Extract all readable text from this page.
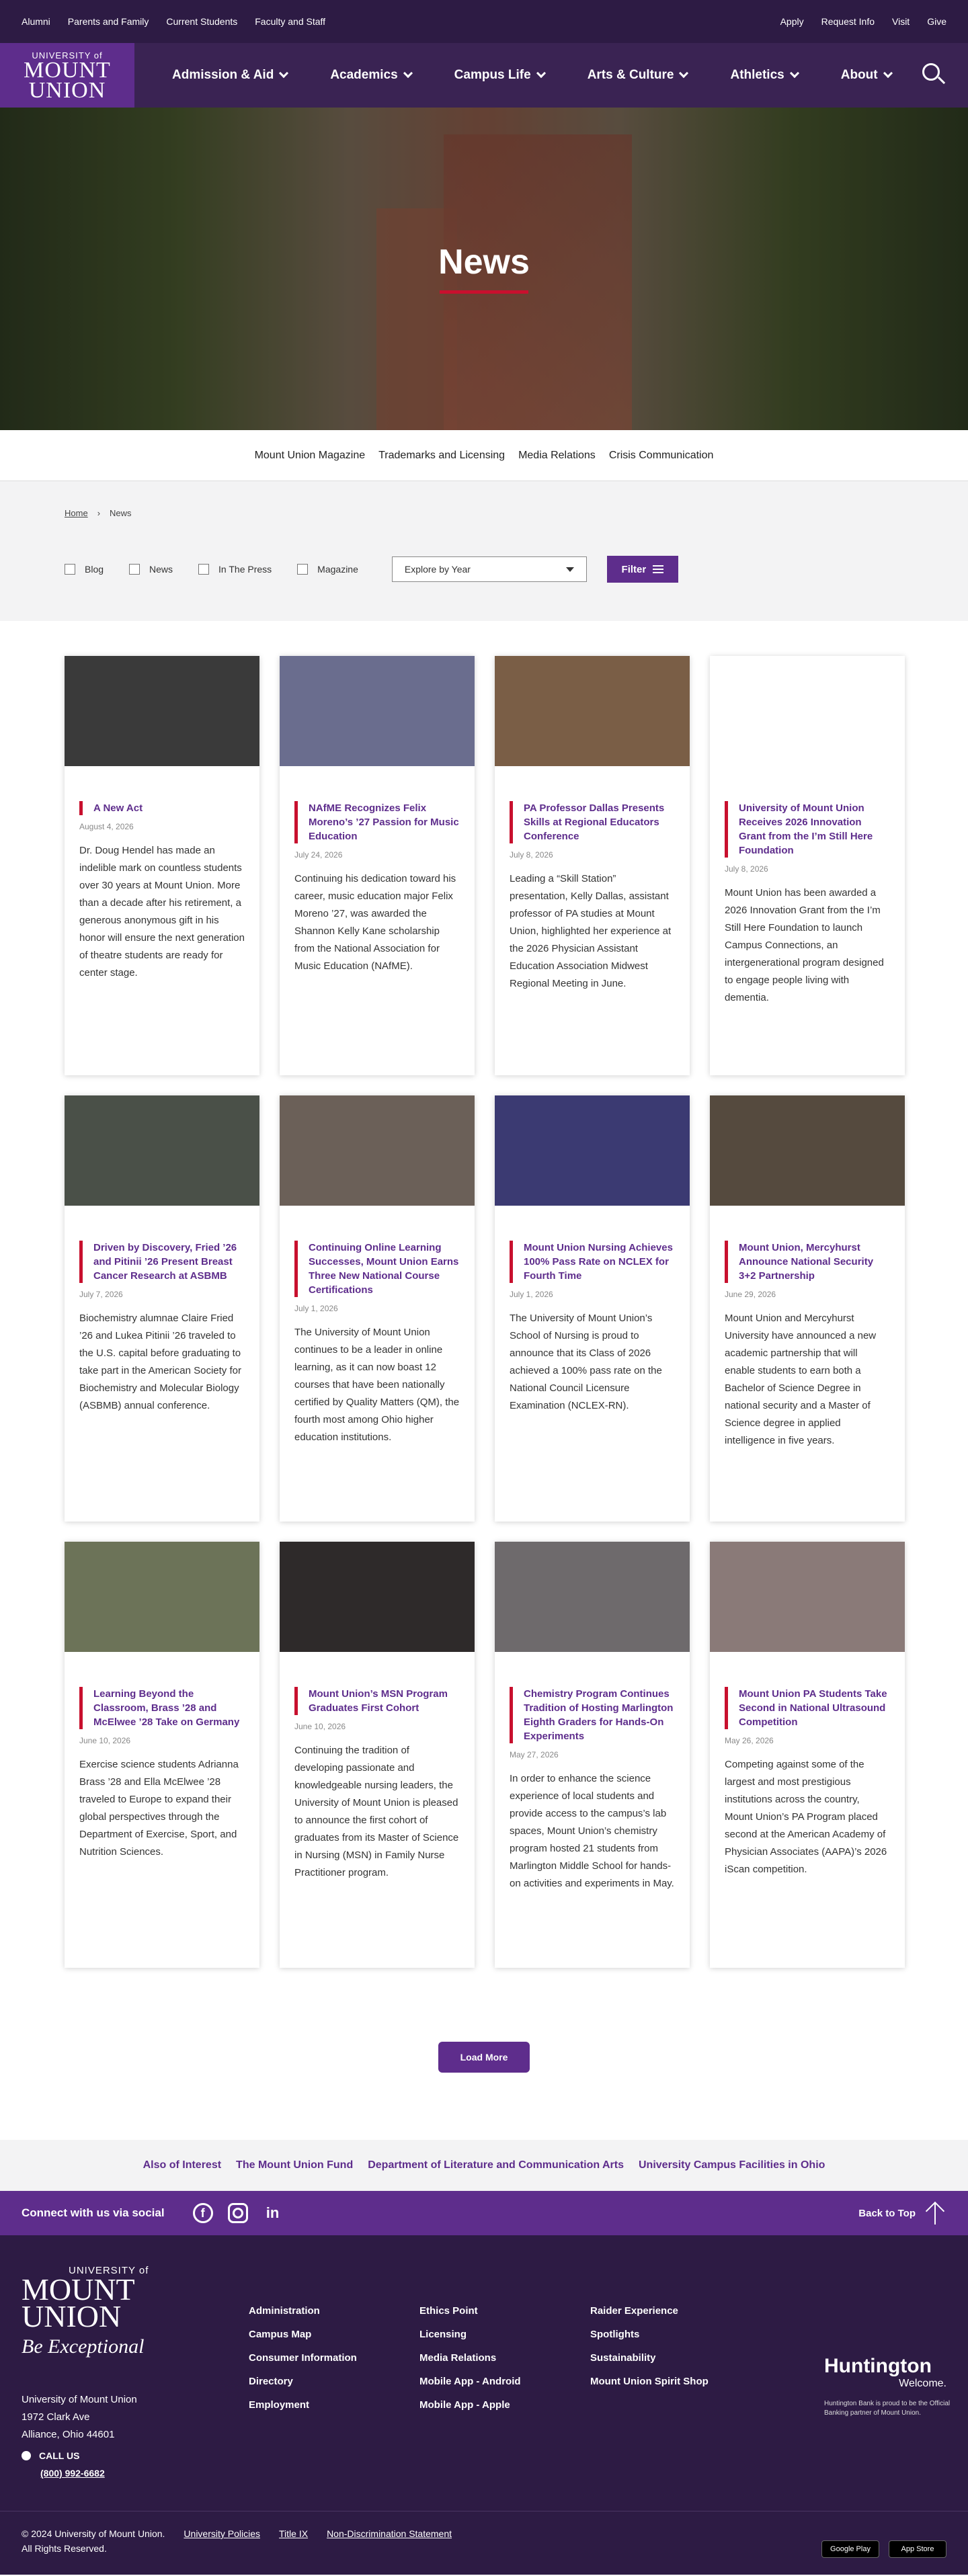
Alumni Parents and Family Current Students Faculty and Staff	Apply Request Info Visit Give
UNIVERSITY of
MOUNT
UNION
Admission & Aid	Academics	Campus Life	Arts & Culture	Athletics	About
News
Mount Union Magazine Trademarks and Licensing Media Relations Crisis Communication
Home › News
Blog	News	In The Press	Magazine	Explore by Year	Filter
A New Act
August 4, 2026
Dr. Doug Hendel has made an indelible mark on countless students over 30 years at Mount Union. More than a decade after his retirement, a generous anonymous gift in his honor will ensure the next generation of theatre students are ready for center stage.
NAfME Recognizes Felix Moreno’s ’27 Passion for Music Education
July 24, 2026
Continuing his dedication toward his career, music education major Felix Moreno ’27, was awarded the Shannon Kelly Kane scholarship from the National Association for Music Education (NAfME).
PA Professor Dallas Presents Skills at Regional Educators Conference
July 8, 2026
Leading a “Skill Station” presentation, Kelly Dallas, assistant professor of PA studies at Mount Union, highlighted her experience at the 2026 Physician Assistant Education Association Midwest Regional Meeting in June.
University of Mount Union Receives 2026 Innovation Grant from the I’m Still Here Foundation
July 8, 2026
Mount Union has been awarded a 2026 Innovation Grant from the I’m Still Here Foundation to launch Campus Connections, an intergenerational program designed to engage people living with dementia.
Driven by Discovery, Fried ’26 and Pitinii ’26 Present Breast Cancer Research at ASBMB
July 7, 2026
Biochemistry alumnae Claire Fried ’26 and Lukea Pitinii ’26 traveled to the U.S. capital before graduating to take part in the American Society for Biochemistry and Molecular Biology (ASBMB) annual conference.
Continuing Online Learning Successes, Mount Union Earns Three New National Course Certifications
July 1, 2026
The University of Mount Union continues to be a leader in online learning, as it can now boast 12 courses that have been nationally certified by Quality Matters (QM), the fourth most among Ohio higher education institutions.
Mount Union Nursing Achieves 100% Pass Rate on NCLEX for Fourth Time
July 1, 2026
The University of Mount Union’s School of Nursing is proud to announce that its Class of 2026 achieved a 100% pass rate on the National Council Licensure Examination (NCLEX-RN).
Mount Union, Mercyhurst Announce National Security 3+2 Partnership
June 29, 2026
Mount Union and Mercyhurst University have announced a new academic partnership that will enable students to earn both a Bachelor of Science Degree in national security and a Master of Science degree in applied intelligence in five years.
Learning Beyond the Classroom, Brass ’28 and McElwee ’28 Take on Germany
June 10, 2026
Exercise science students Adrianna Brass ’28 and Ella McElwee ’28 traveled to Europe to expand their global perspectives through the Department of Exercise, Sport, and Nutrition Sciences.
Mount Union’s MSN Program Graduates First Cohort
June 10, 2026
Continuing the tradition of developing passionate and knowledgeable nursing leaders, the University of Mount Union is pleased to announce the first cohort of graduates from its Master of Science in Nursing (MSN) in Family Nurse Practitioner program.
Chemistry Program Continues Tradition of Hosting Marlington Eighth Graders for Hands-On Experiments
May 27, 2026
In order to enhance the science experience of local students and provide access to the campus’s lab spaces, Mount Union’s chemistry program hosted 21 students from Marlington Middle School for hands-on activities and experiments in May.
Mount Union PA Students Take Second in National Ultrasound Competition
May 26, 2026
Competing against some of the largest and most prestigious institutions across the country, Mount Union’s PA Program placed second at the American Academy of Physician Associates (AAPA)’s 2026 iScan competition.
Load More
Also of Interest The Mount Union Fund Department of Literature and Communication Arts University Campus Facilities in Ohio
Connect with us via social	f	in	Back to Top
UNIVERSITY of
MOUNT
UNION
Be Exceptional
University of Mount Union
1972 Clark Ave
Alliance, Ohio 44601
CALL US
(800) 992-6682
Administration
Campus Map
Consumer Information
Directory
Employment
Ethics Point
Licensing
Media Relations
Mobile App - Android
Mobile App - Apple
Raider Experience
Spotlights
Sustainability
Mount Union Spirit Shop
Huntington
Welcome.
Huntington Bank is proud to be the Official Banking partner of Mount Union.
© 2024 University of Mount Union. University Policies Title IX Non-Discrimination Statement
All Rights Reserved.	Google Play	App Store
